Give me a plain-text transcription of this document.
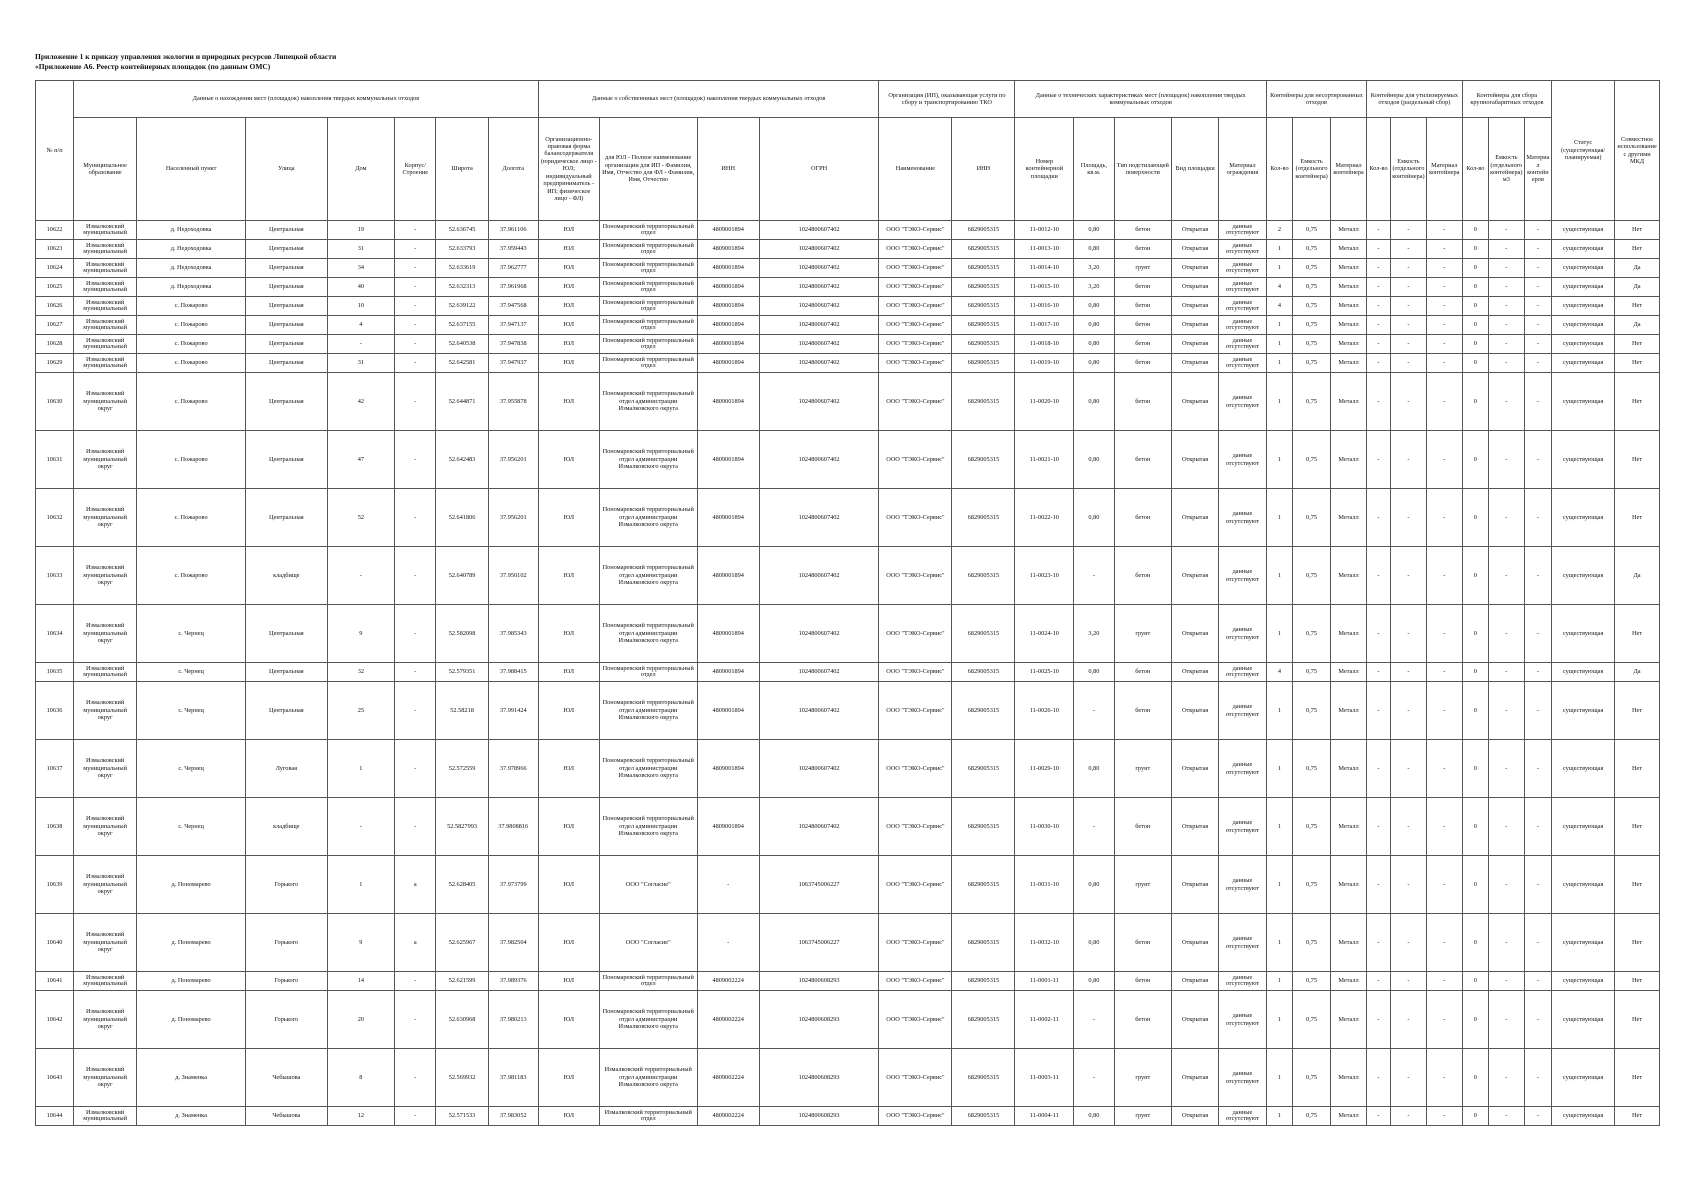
Приложение 1 к приказу управления экологии и природных ресурсов Липецкой области
«Приложение А6. Реестр контейнерных площадок (по данным ОМС)
№ п/п	Данные о нахождении мест (площадок) накопления твердых коммунальных отходов							Данные о собственниках мест (площадок) накопления твердых коммунальных отходов				Организация (ИП), оказывающая услуги по сбору и транспортированию ТКО		Данные о технических характеристиках мест (площадок) накопления твердых коммунальных отходов					Контейнеры для несортированных отходов			Контейнеры для утилизируемых отходов (раздельный сбор)			Контейнеры для сбора крупногабаритных отходов			Статус (существующая/планируемая)	Совместное использование с другими МКД
	Муниципальное образование	Населенный пункт	Улица	Дом	Корпус/Строение	Широта	Долгота	Организационно-правовая форма балансодержателя (юридическое лицо - ЮЛ; индивидуальный предприниматель - ИП; физическое лицо - ФЛ)	для ЮЛ - Полное наименование организации для ИП - Фамилия, Имя, Отчество для ФЛ - Фамилия, Имя, Отчество	ИНН	ОГРН	Наименование	ИНН	Номер контейнерной площадки	Площадь, кв.м.	Тип подстилающей поверхности	Вид площадки	Материал ограждения	Кол-во	Емкость (отдельного контейнера)	Материал контейнера	Кол-во	Емкость (отдельного контейнера)	Материал контейнера	Кол-во	Емкость (отдельного контейнера) м3	Материал контейнеров		
10622	Измалковский муниципальный	д. Недоходовка	Центральная	19	-	52.636745	37.961106	ЮЛ	Пономаревский территориальный отдел	4809001894	1024800607402	ООО "ТЭКО-Сервис"	6829005315	11-0012-10	0,80	бетон	Открытая	данные отсутствуют	2	0,75	Металл	-	-	-	0	-	-	существующая	Нет
10623	Измалковский муниципальный	д. Недоходовка	Центральная	31	-	52.633793	37.959443	ЮЛ	Пономаревский территориальный отдел	4809001894	1024800607402	ООО "ТЭКО-Сервис"	6829005315	11-0013-10	0,80	бетон	Открытая	данные отсутствуют	1	0,75	Металл	-	-	-	0	-	-	существующая	Нет
10624	Измалковский муниципальный	д. Недоходовка	Центральная	34	-	52.633619	37.962777	ЮЛ	Пономаревский территориальный отдел	4809001894	1024800607402	ООО "ТЭКО-Сервис"	6829005315	11-0014-10	3,20	грунт	Открытая	данные отсутствуют	1	0,75	Металл	-	-	-	0	-	-	существующая	Да
10625	Измалковский муниципальный	д. Недоходовка	Центральная	40	-	52.632313	37.961968	ЮЛ	Пономаревский территориальный отдел	4809001894	1024800607402	ООО "ТЭКО-Сервис"	6829005315	11-0015-10	3,20	бетон	Открытая	данные отсутствуют	4	0,75	Металл	-	-	-	0	-	-	существующая	Да
10626	Измалковский муниципальный	с. Пожарово	Центральная	10	-	52.639122	37.947568	ЮЛ	Пономаревский территориальный отдел	4809001894	1024800607402	ООО "ТЭКО-Сервис"	6829005315	11-0016-10	0,80	бетон	Открытая	данные отсутствуют	4	0,75	Металл	-	-	-	0	-	-	существующая	Нет
10627	Измалковский муниципальный	с. Пожарово	Центральная	4	-	52.637155	37.947137	ЮЛ	Пономаревский территориальный отдел	4809001894	1024800607402	ООО "ТЭКО-Сервис"	6829005315	11-0017-10	0,80	бетон	Открытая	данные отсутствуют	1	0,75	Металл	-	-	-	0	-	-	существующая	Да
10628	Измалковский муниципальный	с. Пожарово	Центральная	-	-	52.640538	37.947838	ЮЛ	Пономаревский территориальный отдел	4809001894	1024800607402	ООО "ТЭКО-Сервис"	6829005315	11-0018-10	0,80	бетон	Открытая	данные отсутствуют	1	0,75	Металл	-	-	-	0	-	-	существующая	Нет
10629	Измалковский муниципальный	с. Пожарово	Центральная	31	-	52.642581	37.947937	ЮЛ	Пономаревский территориальный отдел	4809001894	1024800607402	ООО "ТЭКО-Сервис"	6829005315	11-0019-10	0,80	бетон	Открытая	данные отсутствуют	1	0,75	Металл	-	-	-	0	-	-	существующая	Нет
10630	Измалковский муниципальный округ	с. Пожарово	Центральная	42	-	52.644871	37.955878	ЮЛ	Пономаревский территориальный отдел администрации Измалковского округа	4809001894	1024800607402	ООО "ТЭКО-Сервис"	6829005315	11-0020-10	0,80	бетон	Открытая	данные отсутствуют	1	0,75	Металл	-	-	-	0	-	-	существующая	Нет
10631	Измалковский муниципальный округ	с. Пожарово	Центральная	47	-	52.642483	37.956201	ЮЛ	Пономаревский территориальный отдел администрации Измалковского округа	4809001894	1024800607402	ООО "ТЭКО-Сервис"	6829005315	11-0021-10	0,80	бетон	Открытая	данные отсутствуют	1	0,75	Металл	-	-	-	0	-	-	существующая	Нет
10632	Измалковский муниципальный округ	с. Пожарово	Центральная	52	-	52.641806	37.956201	ЮЛ	Пономаревский территориальный отдел администрации Измалковского округа	4809001894	1024800607402	ООО "ТЭКО-Сервис"	6829005315	11-0022-10	0,80	бетон	Открытая	данные отсутствуют	1	0,75	Металл	-	-	-	0	-	-	существующая	Нет
10633	Измалковский муниципальный округ	с. Пожарово	кладбище	-	-	52.640789	37.950102	ЮЛ	Пономаревский территориальный отдел администрации Измалковского округа	4809001894	1024800607402	ООО "ТЭКО-Сервис"	6829005315	11-0023-10	-	бетон	Открытая	данные отсутствуют	1	0,75	Металл	-	-	-	0	-	-	существующая	Да
10634	Измалковский муниципальный округ	с. Чернец	Центральная	9	-	52.582098	37.985343	ЮЛ	Пономаревский территориальный отдел администрации Измалковского округа	4809001894	1024800607402	ООО "ТЭКО-Сервис"	6829005315	11-0024-10	3,20	грунт	Открытая	данные отсутствуют	1	0,75	Металл	-	-	-	0	-	-	существующая	Нет
10635	Измалковский муниципальный	с. Чернец	Центральная	32	-	52.579351	37.988415	ЮЛ	Пономаревский территориальный отдел	4809001894	1024800607402	ООО "ТЭКО-Сервис"	6829005315	11-0025-10	0,80	бетон	Открытая	данные отсутствуют	4	0,75	Металл	-	-	-	0	-	-	существующая	Да
10636	Измалковский муниципальный округ	с. Чернец	Центральная	25	-	52.58218	37.991424	ЮЛ	Пономаревский территориальный отдел администрации Измалковского округа	4809001894	1024800607402	ООО "ТЭКО-Сервис"	6829005315	11-0026-10	-	бетон	Открытая	данные отсутствуют	1	0,75	Металл	-	-	-	0	-	-	существующая	Нет
10637	Измалковский муниципальный округ	с. Чернец	Луговая	1	-	52.572559	37.978966	ЮЛ	Пономаревский территориальный отдел администрации Измалковского округа	4809001894	1024800607402	ООО "ТЭКО-Сервис"	6829005315	11-0029-10	0,80	грунт	Открытая	данные отсутствуют	1	0,75	Металл	-	-	-	0	-	-	существующая	Нет
10638	Измалковский муниципальный округ	с. Чернец	кладбище	-	-	52.5827993	37.9808816	ЮЛ	Пономаревский территориальный отдел администрации Измалковского округа	4809001894	1024800607402	ООО "ТЭКО-Сервис"	6829005315	11-0030-10	-	бетон	Открытая	данные отсутствуют	1	0,75	Металл	-	-	-	0	-	-	существующая	Нет
10639	Измалковский муниципальный округ	д. Пономарево	Горького	1	а	52.628405	37.973799	ЮЛ	ООО "Согласие"	-	1063745006227	ООО "ТЭКО-Сервис"	6829005315	11-0031-10	0,80	грунт	Открытая	данные отсутствуют	1	0,75	Металл	-	-	-	0	-	-	существующая	Нет
10640	Измалковский муниципальный округ	д. Пономарево	Горького	9	а	52.625967	37.982504	ЮЛ	ООО "Согласие"	-	1063745006227	ООО "ТЭКО-Сервис"	6829005315	11-0032-10	0,80	бетон	Открытая	данные отсутствуют	1	0,75	Металл	-	-	-	0	-	-	существующая	Нет
10641	Измалковский муниципальный	д. Пономарево	Горького	14	-	52.621599	37.989376	ЮЛ	Пономаревский территориальный отдел	4809002224	1024800608293	ООО "ТЭКО-Сервис"	6829005315	11-0001-11	0,80	бетон	Открытая	данные отсутствуют	1	0,75	Металл	-	-	-	0	-	-	существующая	Нет
10642	Измалковский муниципальный округ	д. Пономарево	Горького	20	-	52.630968	37.980213	ЮЛ	Пономаревский территориальный отдел администрации Измалковского округа	4809002224	1024800608293	ООО "ТЭКО-Сервис"	6829005315	11-0002-11	-	бетон	Открытая	данные отсутствуют	1	0,75	Металл	-	-	-	0	-	-	существующая	Нет
10643	Измалковский муниципальный округ	д. Знаменка	Чебышова	8	-	52.569932	37.981183	ЮЛ	Измалковский территориальный отдел администрации Измалковского округа	4809002224	1024800608293	ООО "ТЭКО-Сервис"	6829005315	11-0003-11	-	грунт	Открытая	данные отсутствуют	1	0,75	Металл	-	-	-	0	-	-	существующая	Нет
10644	Измалковский муниципальный	д. Знаменка	Чебышова	12	-	52.571533	37.983052	ЮЛ	Измалковский территориальный отдел	4809002224	1024800608293	ООО "ТЭКО-Сервис"	6829005315	11-0004-11	0,80	грунт	Открытая	данные отсутствуют	1	0,75	Металл	-	-	-	0	-	-	существующая	Нет
